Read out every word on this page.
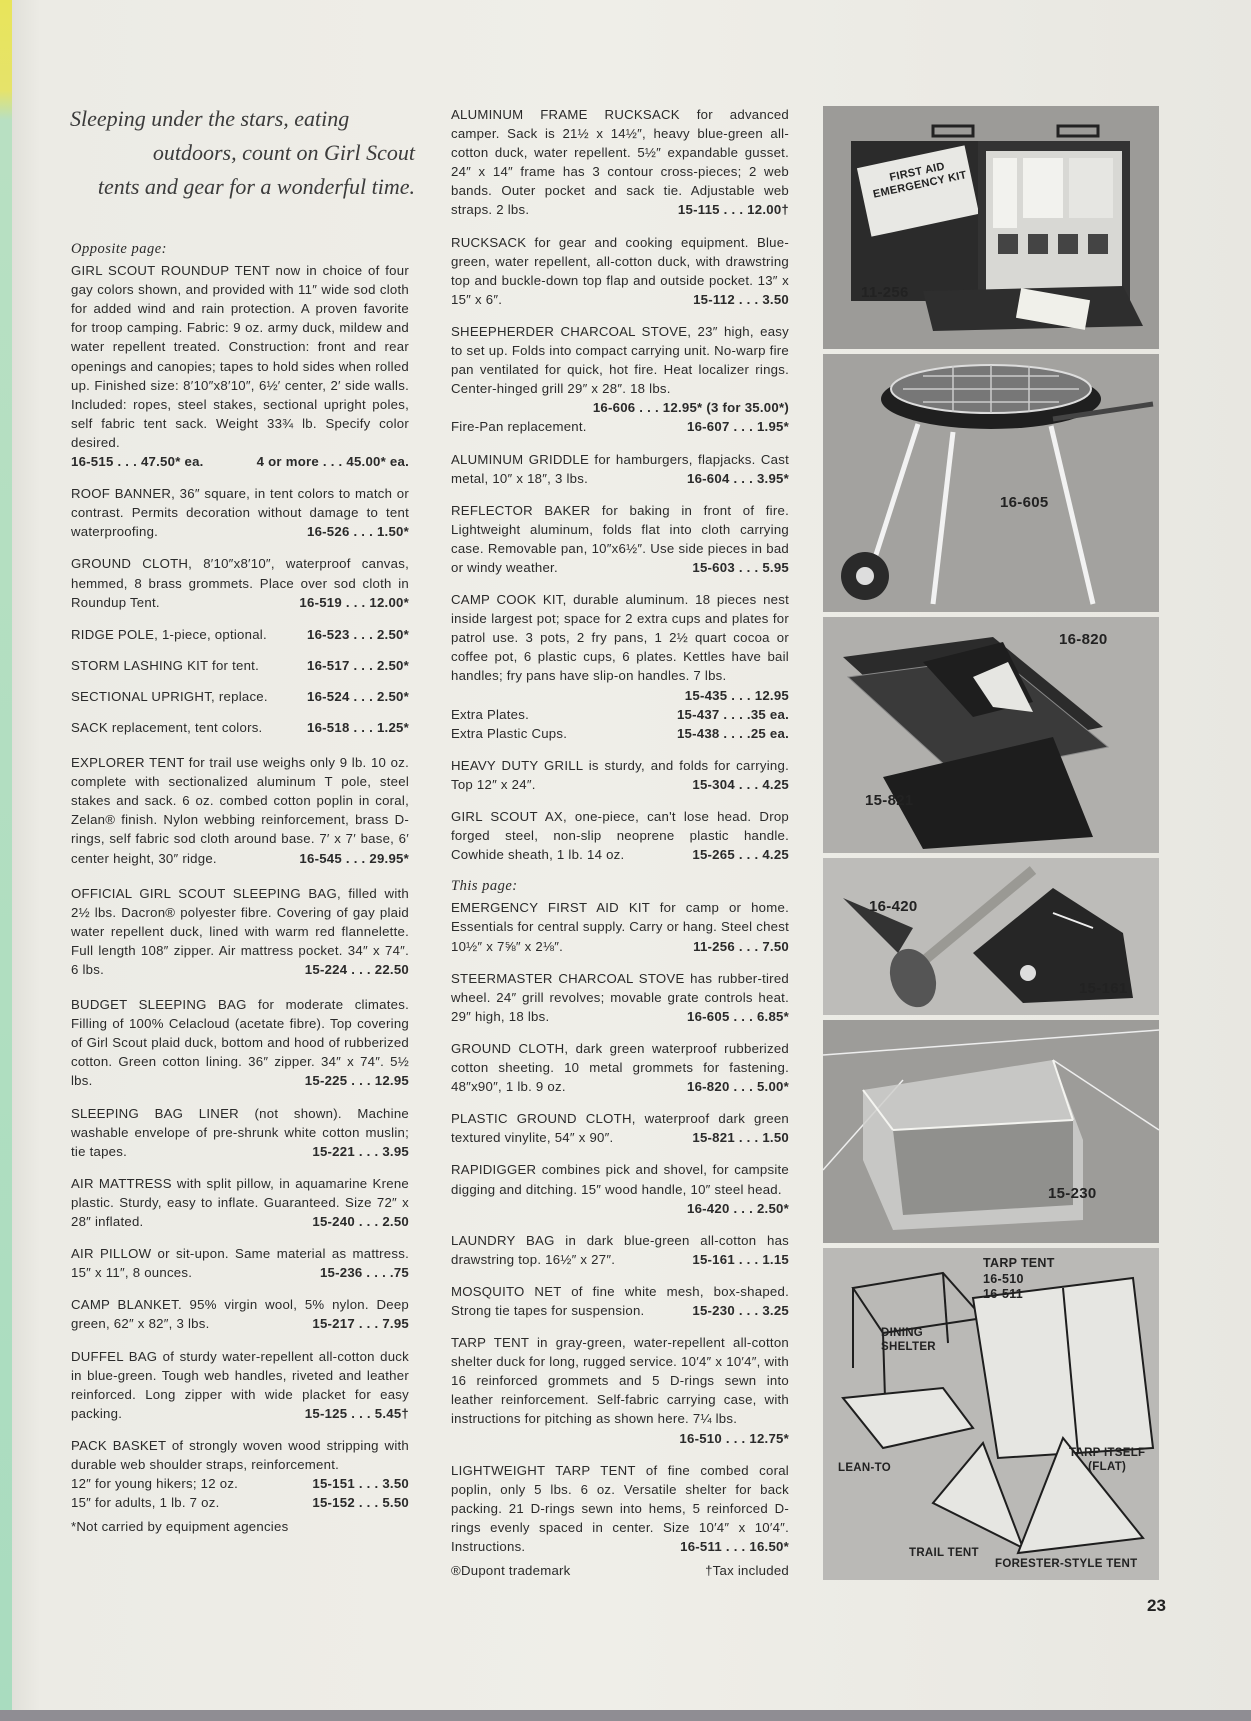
Sleeping under the stars, eating
outdoors, count on Girl Scout
tents and gear for a wonderful time.
Opposite page:
GIRL SCOUT ROUNDUP TENT now in choice of four gay colors shown, and provided with 11″ wide sod cloth for added wind and rain protection. A proven favorite for troop camping. Fabric: 9 oz. army duck, mildew and water repellent treated. Construction: front and rear openings and canopies; tapes to hold sides when rolled up. Finished size: 8′10″x8′10″, 6½′ center, 2′ side walls. Included: ropes, steel stakes, sectional upright poles, self fabric tent sack. Weight 33¾ lb. Specify color desired.
16-515 . . . 47.50* ea.	4 or more . . . 45.00* ea.
ROOF BANNER, 36″ square, in tent colors to match or contrast. Permits decoration without damage to tent waterproofing.	16-526 . . . 1.50*
GROUND CLOTH, 8′10″x8′10″, waterproof canvas, hemmed, 8 brass grommets. Place over sod cloth in Roundup Tent.	16-519 . . . 12.00*
RIDGE POLE, 1-piece, optional.	16-523 . . . 2.50*
STORM LASHING KIT for tent.	16-517 . . . 2.50*
SECTIONAL UPRIGHT, replace.	16-524 . . . 2.50*
SACK replacement, tent colors.	16-518 . . . 1.25*
EXPLORER TENT for trail use weighs only 9 lb. 10 oz. complete with sectionalized aluminum T pole, steel stakes and sack. 6 oz. combed cotton poplin in coral, Zelan® finish. Nylon webbing reinforcement, brass D-rings, self fabric sod cloth around base. 7′ x 7′ base, 6′ center height, 30″ ridge.	16-545 . . . 29.95*
OFFICIAL GIRL SCOUT SLEEPING BAG, filled with 2½ lbs. Dacron® polyester fibre. Covering of gay plaid water repellent duck, lined with warm red flannelette. Full length 108″ zipper. Air mattress pocket. 34″ x 74″. 6 lbs.	15-224 . . . 22.50
BUDGET SLEEPING BAG for moderate climates. Filling of 100% Celacloud (acetate fibre). Top covering of Girl Scout plaid duck, bottom and hood of rubberized cotton. Green cotton lining. 36″ zipper. 34″ x 74″. 5½ lbs.	15-225 . . . 12.95
SLEEPING BAG LINER (not shown). Machine washable envelope of pre-shrunk white cotton muslin; tie tapes.	15-221 . . . 3.95
AIR MATTRESS with split pillow, in aquamarine Krene plastic. Sturdy, easy to inflate. Guaranteed. Size 72″ x 28″ inflated.	15-240 . . . 2.50
AIR PILLOW or sit-upon. Same material as mattress. 15″ x 11″, 8 ounces.	15-236 . . . .75
CAMP BLANKET. 95% virgin wool, 5% nylon. Deep green, 62″ x 82″, 3 lbs.	15-217 . . . 7.95
DUFFEL BAG of sturdy water-repellent all-cotton duck in blue-green. Tough web handles, riveted and leather reinforced. Long zipper with wide placket for easy packing.	15-125 . . . 5.45†
PACK BASKET of strongly woven wood stripping with durable web shoulder straps, reinforcement.
12″ for young hikers; 12 oz.	15-151 . . . 3.50
15″ for adults, 1 lb. 7 oz.	15-152 . . . 5.50
*Not carried by equipment agencies
ALUMINUM FRAME RUCKSACK for advanced camper. Sack is 21½ x 14½″, heavy blue-green all-cotton duck, water repellent. 5½″ expandable gusset. 24″ x 14″ frame has 3 contour cross-pieces; 2 web bands. Outer pocket and sack tie. Adjustable web straps. 2 lbs.	15-115 . . . 12.00†
RUCKSACK for gear and cooking equipment. Blue-green, water repellent, all-cotton duck, with drawstring top and buckle-down top flap and outside pocket. 13″ x 15″ x 6″.	15-112 . . . 3.50
SHEEPHERDER CHARCOAL STOVE, 23″ high, easy to set up. Folds into compact carrying unit. No-warp fire pan ventilated for quick, hot fire. Heat localizer rings. Center-hinged grill 29″ x 28″. 18 lbs.
16-606 . . . 12.95* (3 for 35.00*)
Fire-Pan replacement.	16-607 . . . 1.95*
ALUMINUM GRIDDLE for hamburgers, flapjacks. Cast metal, 10″ x 18″, 3 lbs.	16-604 . . . 3.95*
REFLECTOR BAKER for baking in front of fire. Lightweight aluminum, folds flat into cloth carrying case. Removable pan, 10″x6½″. Use side pieces in bad or windy weather.	15-603 . . . 5.95
CAMP COOK KIT, durable aluminum. 18 pieces nest inside largest pot; space for 2 extra cups and plates for patrol use. 3 pots, 2 fry pans, 1 2½ quart cocoa or coffee pot, 6 plastic cups, 6 plates. Kettles have bail handles; fry pans have slip-on handles. 7 lbs.
15-435 . . . 12.95
Extra Plates.	15-437 . . . .35 ea.
Extra Plastic Cups.	15-438 . . . .25 ea.
HEAVY DUTY GRILL is sturdy, and folds for carrying. Top 12″ x 24″.	15-304 . . . 4.25
GIRL SCOUT AX, one-piece, can't lose head. Drop forged steel, non-slip neoprene plastic handle. Cowhide sheath, 1 lb. 14 oz.	15-265 . . . 4.25
This page:
EMERGENCY FIRST AID KIT for camp or home. Essentials for central supply. Carry or hang. Steel chest 10½″ x 7⅝″ x 2⅛″.	11-256 . . . 7.50
STEERMASTER CHARCOAL STOVE has rubber-tired wheel. 24″ grill revolves; movable grate controls heat. 29″ high, 18 lbs.	16-605 . . . 6.85*
GROUND CLOTH, dark green waterproof rubberized cotton sheeting. 10 metal grommets for fastening. 48″x90″, 1 lb. 9 oz.	16-820 . . . 5.00*
PLASTIC GROUND CLOTH, waterproof dark green textured vinylite, 54″ x 90″.	15-821 . . . 1.50
RAPIDIGGER combines pick and shovel, for campsite digging and ditching. 15″ wood handle, 10″ steel head.
16-420 . . . 2.50*
LAUNDRY BAG in dark blue-green all-cotton has drawstring top. 16½″ x 27″.	15-161 . . . 1.15
MOSQUITO NET of fine white mesh, box-shaped. Strong tie tapes for suspension.	15-230 . . . 3.25
TARP TENT in gray-green, water-repellent all-cotton shelter duck for long, rugged service. 10′4″ x 10′4″, with 16 reinforced grommets and 5 D-rings sewn into leather reinforcement. Self-fabric carrying case, with instructions for pitching as shown here. 7¼ lbs.
16-510 . . . 12.75*
LIGHTWEIGHT TARP TENT of fine combed coral poplin, only 5 lbs. 6 oz. Versatile shelter for back packing. 21 D-rings sewn into hems, 5 reinforced D-rings evenly spaced in center. Size 10′4″ x 10′4″. Instructions.	16-511 . . . 16.50*
®Dupont trademark	†Tax included
FIRST AID
EMERGENCY KIT
11-256
16-605
16-820
15-821
16-420
15-161
15-230
TARP TENT
16-510
16-511
DINING
SHELTER
LEAN-TO
TARP ITSELF
(FLAT)
TRAIL TENT
FORESTER-STYLE TENT
23
